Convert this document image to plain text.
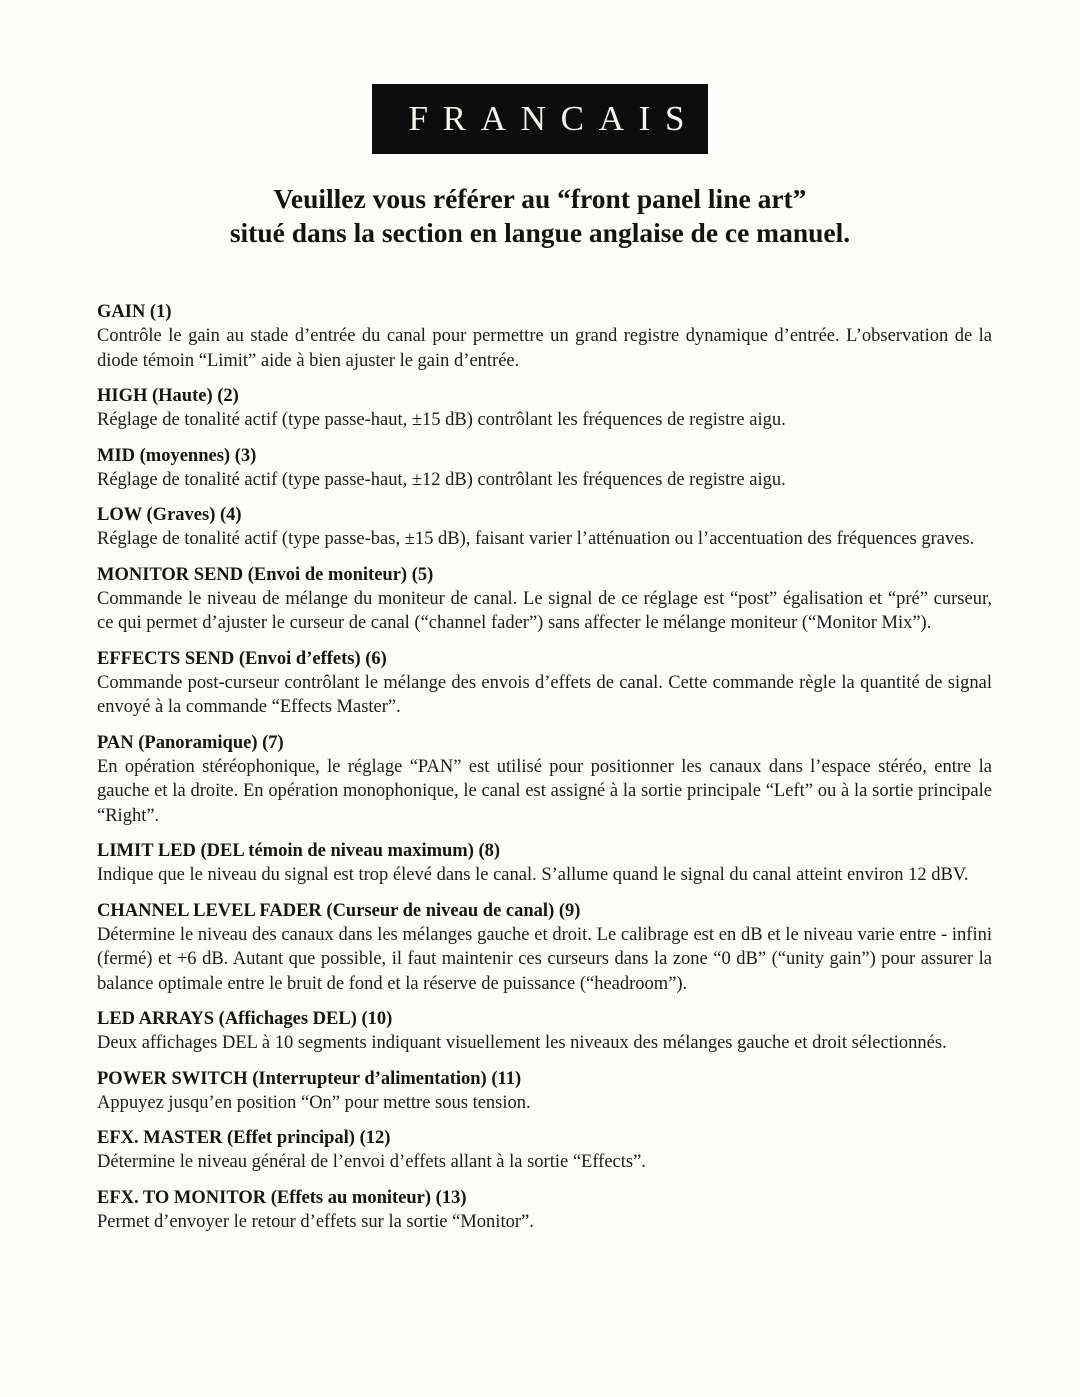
FRANCAIS
Veuillez vous référer au “front panel line art”
situé dans la section en langue anglaise de ce manuel.
GAIN (1)

Contrôle le gain au stade d’entrée du canal pour permettre un grand registre dynamique d’entrée. L’observation de la diode témoin “Limit” aide à bien ajuster le gain d’entrée.

HIGH (Haute) (2)

Réglage de tonalité actif (type passe-haut, ±15 dB) contrôlant les fréquences de registre aigu.

MID (moyennes) (3)

Réglage de tonalité actif (type passe-haut, ±12 dB) contrôlant les fréquences de registre aigu.

LOW (Graves) (4)

Réglage de tonalité actif (type passe-bas, ±15 dB), faisant varier l’atténuation ou l’accentuation des fréquences graves.

MONITOR SEND (Envoi de moniteur) (5)

Commande le niveau de mélange du moniteur de canal. Le signal de ce réglage est “post” égalisation et “pré” curseur, ce qui permet d’ajuster le curseur de canal (“channel fader”) sans affecter le mélange moniteur (“Monitor Mix”).

EFFECTS SEND (Envoi d’effets) (6)

Commande post-curseur contrôlant le mélange des envois d’effets de canal. Cette commande règle la quantité de signal envoyé à la commande “Effects Master”.

PAN (Panoramique) (7)

En opération stéréophonique, le réglage “PAN” est utilisé pour positionner les canaux dans l’espace stéréo, entre la gauche et la droite. En opération monophonique, le canal est assigné à la sortie principale “Left” ou à la sortie principale “Right”.

LIMIT LED (DEL témoin de niveau maximum) (8)

Indique que le niveau du signal est trop élevé dans le canal. S’allume quand le signal du canal atteint environ 12 dBV.

CHANNEL LEVEL FADER (Curseur de niveau de canal) (9)

Détermine le niveau des canaux dans les mélanges gauche et droit. Le calibrage est en dB et le niveau varie entre - infini (fermé) et +6 dB. Autant que possible, il faut maintenir ces curseurs dans la zone “0 dB” (“unity gain”) pour assurer la balance optimale entre le bruit de fond et la réserve de puissance (“headroom”).

LED ARRAYS (Affichages DEL) (10)

Deux affichages DEL à 10 segments indiquant visuellement les niveaux des mélanges gauche et droit sélectionnés.

POWER SWITCH (Interrupteur d’alimentation) (11)

Appuyez jusqu’en position “On” pour mettre sous tension.

EFX. MASTER (Effet principal) (12)

Détermine le niveau général de l’envoi d’effets allant à la sortie “Effects”.

EFX. TO MONITOR (Effets au moniteur) (13)

Permet d’envoyer le retour d’effets sur la sortie “Monitor”.
